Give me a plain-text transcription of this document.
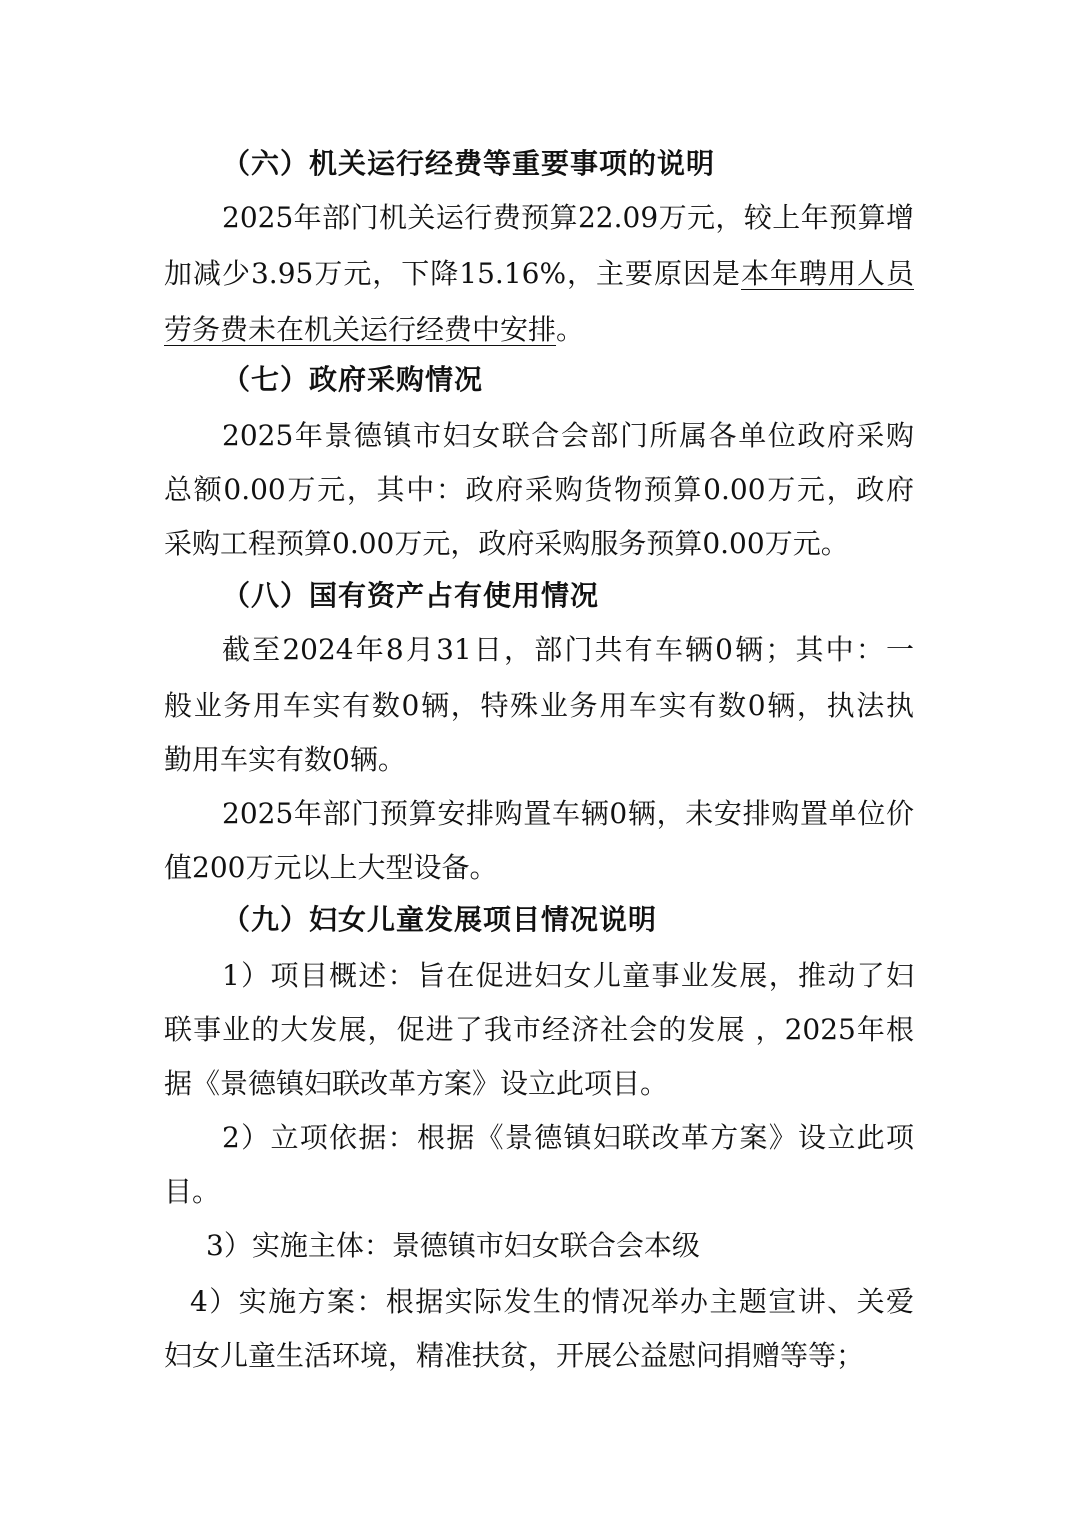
（六）机关运行经费等重要事项的说明
2025年部门机关运行费预算22.09万元，较上年预算增
加减少3.95万元，下降15.16%，主要原因是本年聘用人员
劳务费未在机关运行经费中安排。
（七）政府采购情况
2025年景德镇市妇女联合会部门所属各单位政府采购
总额0.00万元，其中：政府采购货物预算0.00万元，政府
采购工程预算0.00万元，政府采购服务预算0.00万元。
（八）国有资产占有使用情况
截至2024年8月31日，部门共有车辆0辆；其中：一
般业务用车实有数0辆，特殊业务用车实有数0辆，执法执
勤用车实有数0辆。
2025年部门预算安排购置车辆0辆，未安排购置单位价
值200万元以上大型设备。
（九）妇女儿童发展项目情况说明
1）项目概述：旨在促进妇女儿童事业发展，推动了妇
联事业的大发展，促进了我市经济社会的发展 ，2025年根
据《景德镇妇联改革方案》设立此项目。
2）立项依据：根据《景德镇妇联改革方案》设立此项
目。
3）实施主体：景德镇市妇女联合会本级
4）实施方案：根据实际发生的情况举办主题宣讲、关爱
妇女儿童生活环境，精准扶贫，开展公益慰问捐赠等等；
